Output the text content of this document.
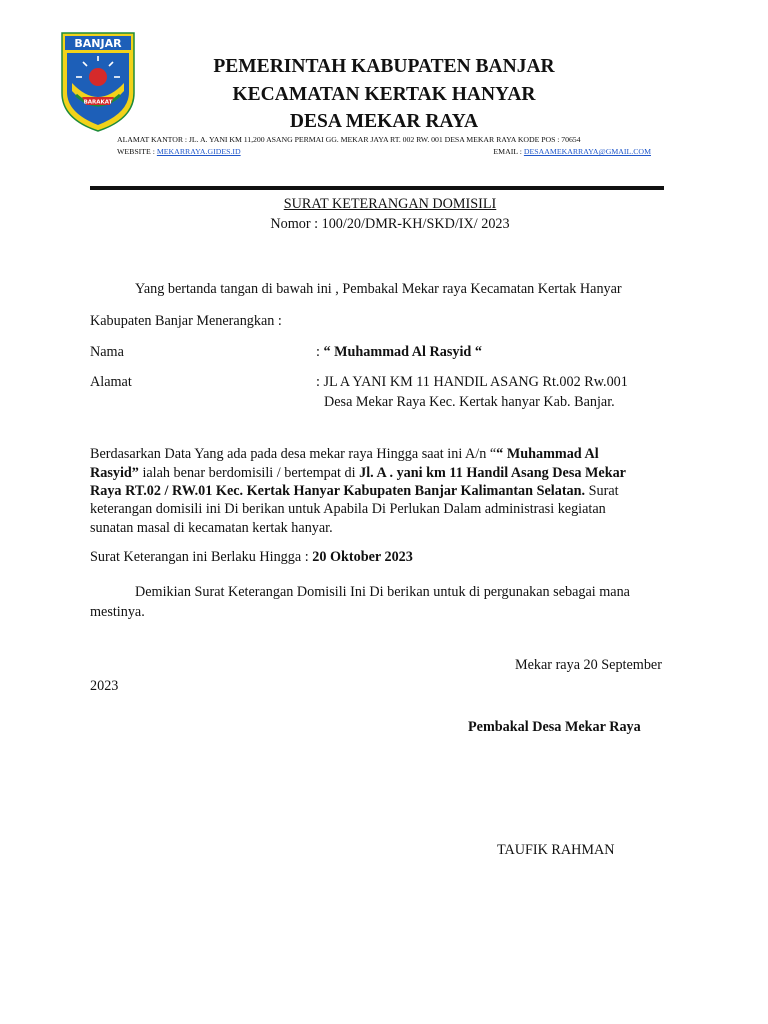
BANJAR
BARAKAT
PEMERINTAH KABUPATEN BANJAR
KECAMATAN KERTAK HANYAR
DESA MEKAR RAYA
ALAMAT KANTOR : JL. A. YANI KM 11,200 ASANG PERMAI GG. MEKAR JAYA RT. 002 RW. 001 DESA MEKAR RAYA KODE POS : 70654
WEBSITE : MEKARRAYA.GIDES.ID	EMAIL : DESAAMEKARRAYA@GMAIL.COM
SURAT KETERANGAN DOMISILI
Nomor : 100/20/DMR-KH/SKD/IX/ 2023
Yang bertanda tangan di bawah ini , Pembakal Mekar raya Kecamatan Kertak Hanyar
Kabupaten Banjar Menerangkan :
Nama	: “ Muhammad Al Rasyid “
Alamat	: JL A YANI KM 11 HANDIL ASANG Rt.002 Rw.001
Desa Mekar Raya Kec. Kertak hanyar Kab. Banjar.
Berdasarkan Data Yang ada pada desa mekar raya Hingga saat ini A/n ““ Muhammad Al
Rasyid” ialah benar berdomisili / bertempat di Jl. A . yani km 11 Handil Asang Desa Mekar
Raya RT.02 / RW.01 Kec. Kertak Hanyar Kabupaten Banjar Kalimantan Selatan. Surat
keterangan domisili ini Di berikan untuk Apabila Di Perlukan Dalam administrasi kegiatan
sunatan masal di kecamatan kertak hanyar.
Surat Keterangan ini Berlaku Hingga : 20 Oktober 2023
Demikian Surat Keterangan Domisili Ini Di berikan untuk di pergunakan sebagai mana
mestinya.
Mekar raya 20 September
2023
Pembakal Desa Mekar Raya
TAUFIK RAHMAN
